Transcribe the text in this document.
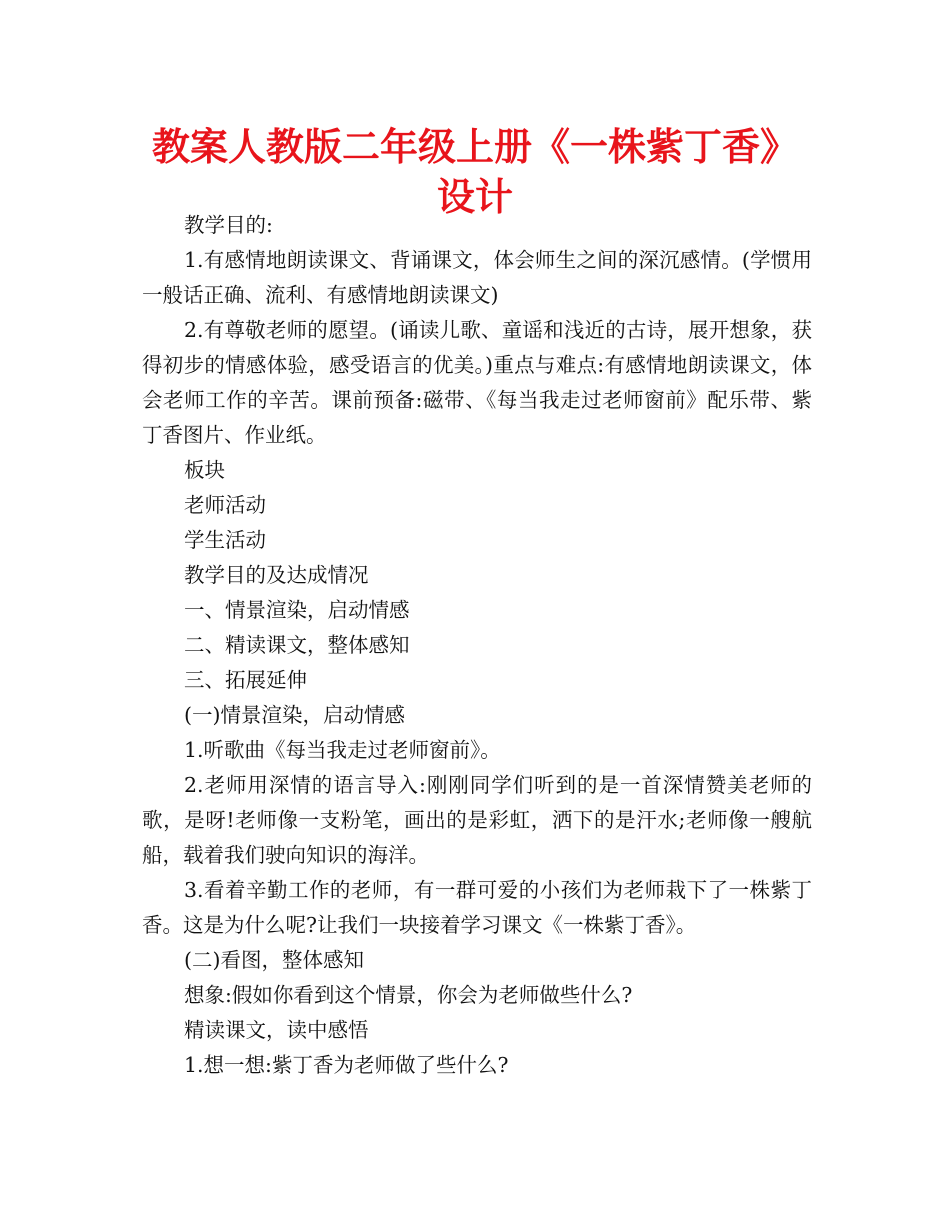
教案人教版二年级上册《一株紫丁香》设计

教学目的:

1.有感情地朗读课文、背诵课文，体会师生之间的深沉感情。(学惯用一般话正确、流利、有感情地朗读课文)

2.有尊敬老师的愿望。(诵读儿歌、童谣和浅近的古诗，展开想象，获得初步的情感体验，感受语言的优美。)重点与难点:有感情地朗读课文，体会老师工作的辛苦。课前预备:磁带、《每当我走过老师窗前》配乐带、紫丁香图片、作业纸。

板块

老师活动

学生活动

教学目的及达成情况

一、情景渲染，启动情感

二、精读课文，整体感知

三、拓展延伸

(一)情景渲染，启动情感

1.听歌曲《每当我走过老师窗前》。

2.老师用深情的语言导入:刚刚同学们听到的是一首深情赞美老师的歌，是呀!老师像一支粉笔，画出的是彩虹，洒下的是汗水;老师像一艘航船，载着我们驶向知识的海洋。

3.看着辛勤工作的老师，有一群可爱的小孩们为老师栽下了一株紫丁香。这是为什么呢?让我们一块接着学习课文《一株紫丁香》。

(二)看图，整体感知

想象:假如你看到这个情景，你会为老师做些什么?

精读课文，读中感悟

1.想一想:紫丁香为老师做了些什么?
